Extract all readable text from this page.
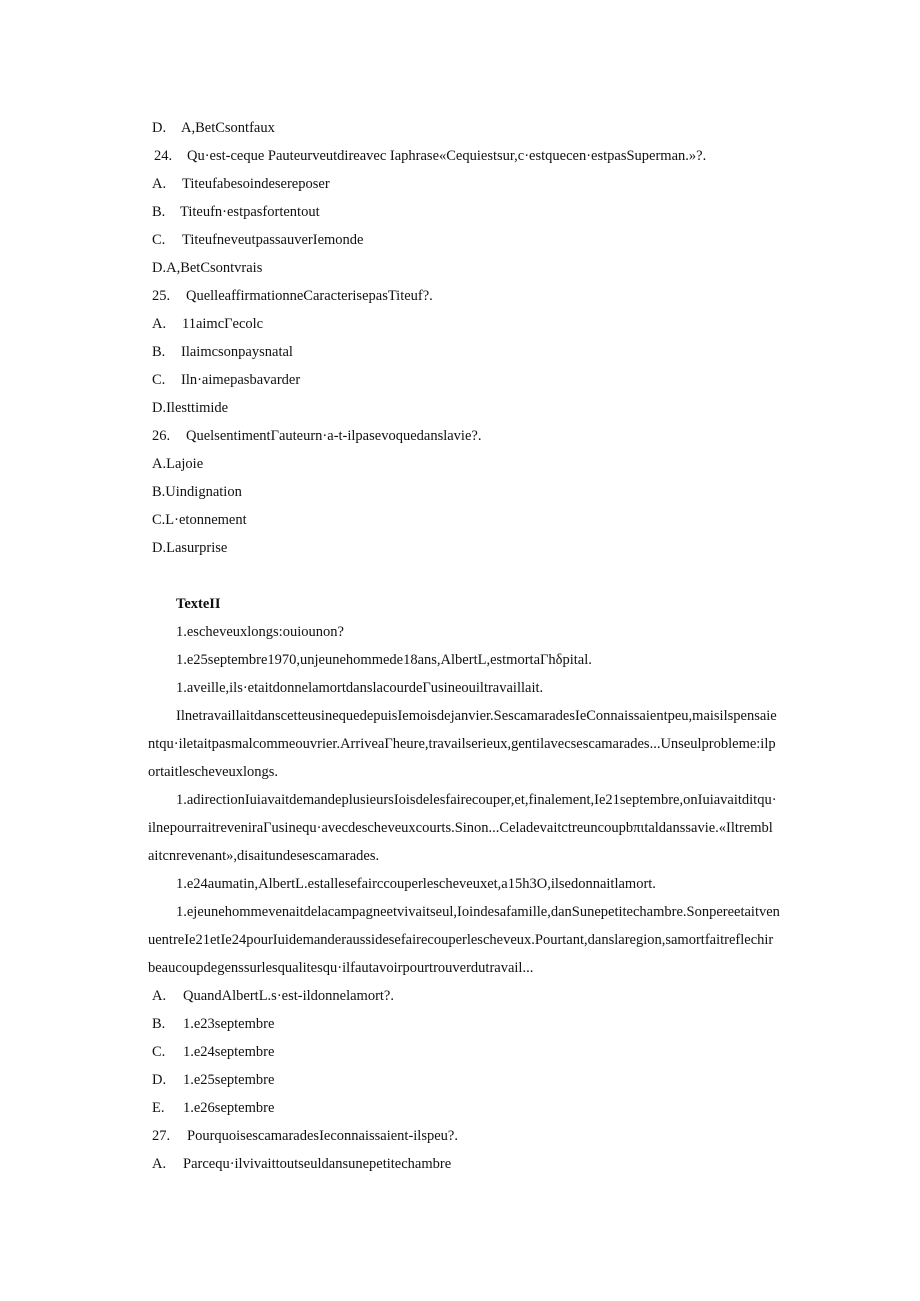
D. A,BetCsontfaux
24. Qu·est-ceque Pauteurveutdireavec Iaphrase«Cequiestsur,c·estquecen·estpasSuperman.»?.
A. Titeufabesoindesereposer
B. Titeufn·estpasfortentout
C. TiteufneveutpassauverIemonde
D.A,BetCsontvrais
25. QuelleaffirmationneCaracterisepasTiteuf?.
A. 11aimcΓecolc
B. Ilaimcsonpaysnatal
C. Iln·aimepasbavarder
D.Ilesttimide
26. QuelsentimentΓauteurn·a-t-ilpasevoquedanslavie?.
A.Lajoie
B.Uindignation
C.L·etonnement
D.Lasurprise
TexteII
1.escheveuxlongs:ouiounon?
1.e25septembre1970,unjeunehommede18ans,AlbertL,estmortaΓhδpital.
1.aveille,ils·etaitdonnelamortdanslacourdeΓusineouiltravaillait.
IlnetravaillaitdanscetteusinequedepuisIemoisdejanvier.SescamaradesIeConnaissaientpeu,maisilspensaie
ntqu·iletaitpasmalcommeouvrier.ArriveaΓheure,travailserieux,gentilavecsescamarades...Unseulprobleme:ilp
ortaitlescheveuxlongs.
1.adirectionIuiavaitdemandeplusieursIoisdelesfairecouper,et,finalement,Ie21septembre,onIuiavaitditqu·
ilnepourraitreveniraΓusinequ·avecdescheveuxcourts.Sinon...Celadevaitctreuncoupbπιtaldanssavie.«Iltrembl
aitcnrevenant»,disaitundesescamarades.
1.e24aumatin,AlbertL.estallesefairccouperlescheveuxet,a15h3O,ilsedonnaitlamort.
1.ejeunehommevenaitdelacampagneetvivaitseul,Ioindesafamille,danSunepetitechambre.Sonpereetaitven
uentreIe21etIe24pourIuidemanderaussidesefairecouperlescheveux.Pourtant,danslaregion,samortfaitreflechir
beaucoupdegenssurlesqualitesqu·ilfautavoirpourtrouverdutravail...
A. QuandAlbertL.s·est-ildonnelamort?.
B. 1.e23septembre
C. 1.e24septembre
D. 1.e25septembre
E. 1.e26septembre
27. PourquoisescamaradesIeconnaissaient-ilspeu?.
A. Parcequ·ilvivaittoutseuldansunepetitechambre
